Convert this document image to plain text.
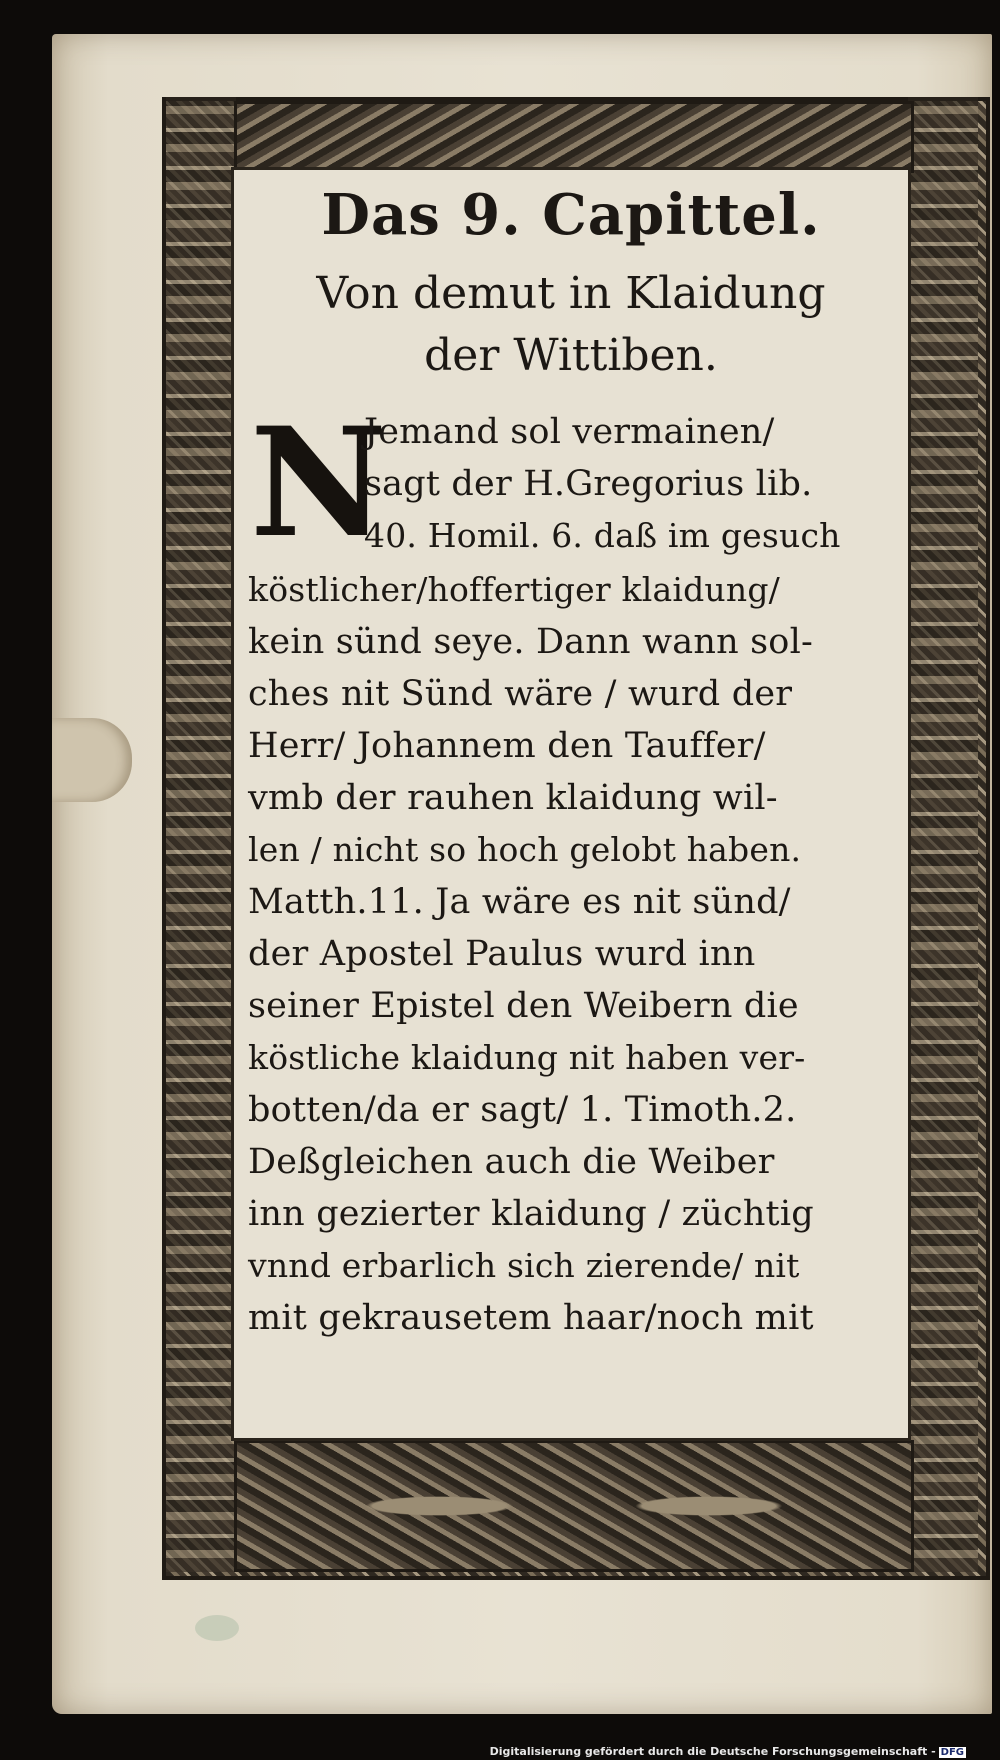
Das 9. Capittel.
Von demut in Klaidung
der Wittiben.
N
Jemand sol vermainen/
sagt der H.Gregorius lib.
40. Homil. 6. daß im gesuch
köstlicher/hoffertiger klaidung/
kein sünd seye. Dann wann sol-
ches nit Sünd wäre / wurd der
Herr/ Johannem den Tauffer/
vmb der rauhen klaidung wil-
len / nicht so hoch gelobt haben.
Matth.11. Ja wäre es nit sünd/
der Apostel Paulus wurd inn
seiner Epistel den Weibern die
köstliche klaidung nit haben ver-
botten/da er sagt/ 1. Timoth.2.
Deßgleichen auch die Weiber
inn gezierter klaidung / züchtig
vnnd erbarlich sich zierende/ nit
mit gekrausetem haar/noch mit
Digitalisierung gefördert durch die Deutsche Forschungsgemeinschaft - DFG
